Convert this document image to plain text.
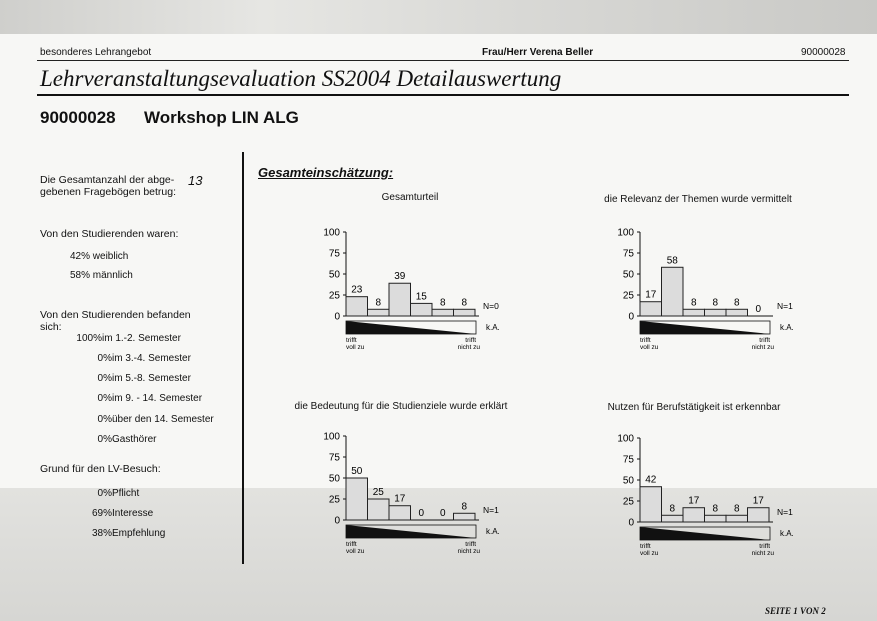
besonderes Lehrangebot	Frau/Herr Verena Beller	90000028
Lehrveranstaltungsevaluation SS2004 Detailauswertung
90000028 Workshop LIN ALG
Die Gesamtanzahl der abge-
gebenen Fragebögen betrug:
13
Von den Studierenden waren:
42% weiblich
58% männlich
Von den Studierenden befanden
sich:
100%im 1.-2. Semester
0%im 3.-4. Semester
0%im 5.-8. Semester
0%im 9. - 14. Semester
0%über den 14. Semester
0%Gasthörer
Grund für den LV-Besuch:
0%Pflicht
69%Interesse
38%Empfehlung
Gesamteinschätzung:
Gesamturteil	die Relevanz der Themen wurde vermittelt
die Bedeutung für die Studienziele wurde erklärt	Nutzen für Berufstätigkeit ist erkennbar
0
25
50
75
100
23
8
39
15
8 8 N=0
k.A.
trifft
voll zu
trifft
nicht zu
0
25
50
75
100
17
58
8 8 8
0 N=1
k.A.
trifft
voll zu
trifft
nicht zu
0
25
50
75
100
50
25
17
0 0
8 N=1
k.A.
trifft
voll zu
trifft
nicht zu
0
25
50
75
100
42
8
17
8 8
17
N=1
k.A.
trifft
voll zu
trifft
nicht zu
SEITE 1 VON 2
